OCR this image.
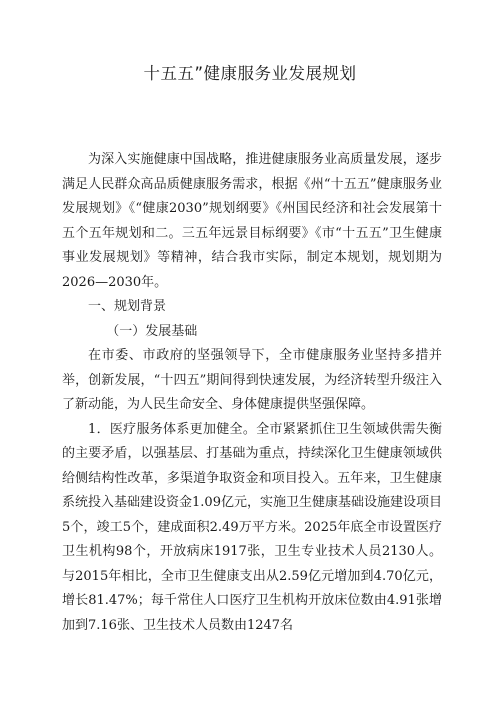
十五五”健康服务业发展规划

为深入实施健康中国战略，推进健康服务业高质量发展，逐步满足人民群众高品质健康服务需求，根据《州“十五五”健康服务业发展规划》《“健康2030”规划纲要》《州国民经济和社会发展第十五个五年规划和二。三五年远景目标纲要》《市“十五五”卫生健康事业发展规划》等精神，结合我市实际，制定本规划，规划期为2026—2030年。

一、规划背景

（一）发展基础

在市委、市政府的坚强领导下，全市健康服务业坚持多措并举，创新发展，“十四五”期间得到快速发展，为经济转型升级注入了新动能，为人民生命安全、身体健康提供坚强保障。

1．医疗服务体系更加健全。全市紧紧抓住卫生领域供需失衡的主要矛盾，以强基层、打基础为重点，持续深化卫生健康领域供给侧结构性改革，多渠道争取资金和项目投入。五年来，卫生健康系统投入基础建设资金1.09亿元，实施卫生健康基础设施建设项目5个，竣工5个，建成面积2.49万平方米。2025年底全市设置医疗卫生机构98个，开放病床1917张，卫生专业技术人员2130人。与2015年相比，全市卫生健康支出从2.59亿元增加到4.70亿元，增长81.47%；每千常住人口医疗卫生机构开放床位数由4.91张增加到7.16张、卫生技术人员数由1247名
